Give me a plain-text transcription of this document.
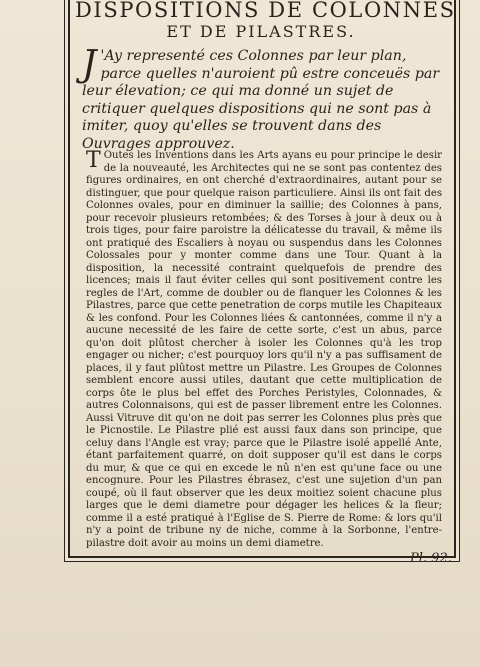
DISPOSITIONS DE COLONNES
ET DE PILASTRES.
J 'Ay representé ces Colonnes par leur plan, parce quelles n'auroient pû estre conceuës par leur élevation; ce qui ma donné un sujet de critiquer quelques dispositions qui ne sont pas à imiter, quoy qu'elles se trouvent dans des Ouvrages approuvez.
T Outes les Inventions dans les Arts ayans eu pour principe le desir de la nouveauté, les Architectes qui ne se sont pas contentez des figures ordinaires, en ont cherché d'extraordinaires, autant pour se distinguer, que pour quelque raison particuliere. Ainsi ils ont fait des Colonnes ovales, pour en diminuer la saillie; des Colonnes à pans, pour recevoir plusieurs retombées; & des Torses à jour à deux ou à trois tiges, pour faire paroistre la délicatesse du travail, & même ils ont pratiqué des Escaliers à noyau ou suspendus dans les Colonnes Colossales pour y monter comme dans une Tour. Quant à la disposition, la necessité contraint quelquefois de prendre des licences; mais il faut éviter celles qui sont positivement contre les regles de l'Art, comme de doubler ou de flanquer les Colonnes & les Pilastres, parce que cette penetration de corps mutile les Chapiteaux & les confond. Pour les Colonnes liées & cantonnées, comme il n'y a aucune necessité de les faire de cette sorte, c'est un abus, parce qu'on doit plûtost chercher à isoler les Colonnes qu'à les trop engager ou nicher; c'est pourquoy lors qu'il n'y a pas suffisament de places, il y faut plûtost mettre un Pilastre. Les Groupes de Colonnes semblent encore aussi utiles, dautant que cette multiplication de corps ôte le plus bel effet des Porches Peristyles, Colonnades, & autres Colonnaisons, qui est de passer librement entre les Colonnes. Aussi Vitruve dit qu'on ne doit pas serrer les Colonnes plus près que le Picnostile. Le Pilastre plié est aussi faux dans son principe, que celuy dans l'Angle est vray; parce que le Pilastre isolé appellé Ante, étant parfaitement quarré, on doit supposer qu'il est dans le corps du mur, & que ce qui en excede le nû n'en est qu'une face ou une encognure. Pour les Pilastres ébrasez, c'est une sujetion d'un pan coupé, où il faut observer que les deux moitiez soient chacune plus larges que le demi diametre pour dégager les helices & la fleur; comme il a esté pratiqué à l'Eglise de S. Pierre de Rome: & lors qu'il n'y a point de tribune ny de niche, comme à la Sorbonne, l'entre-pilastre doit avoir au moins un demi diametre.
Pl. 92.
